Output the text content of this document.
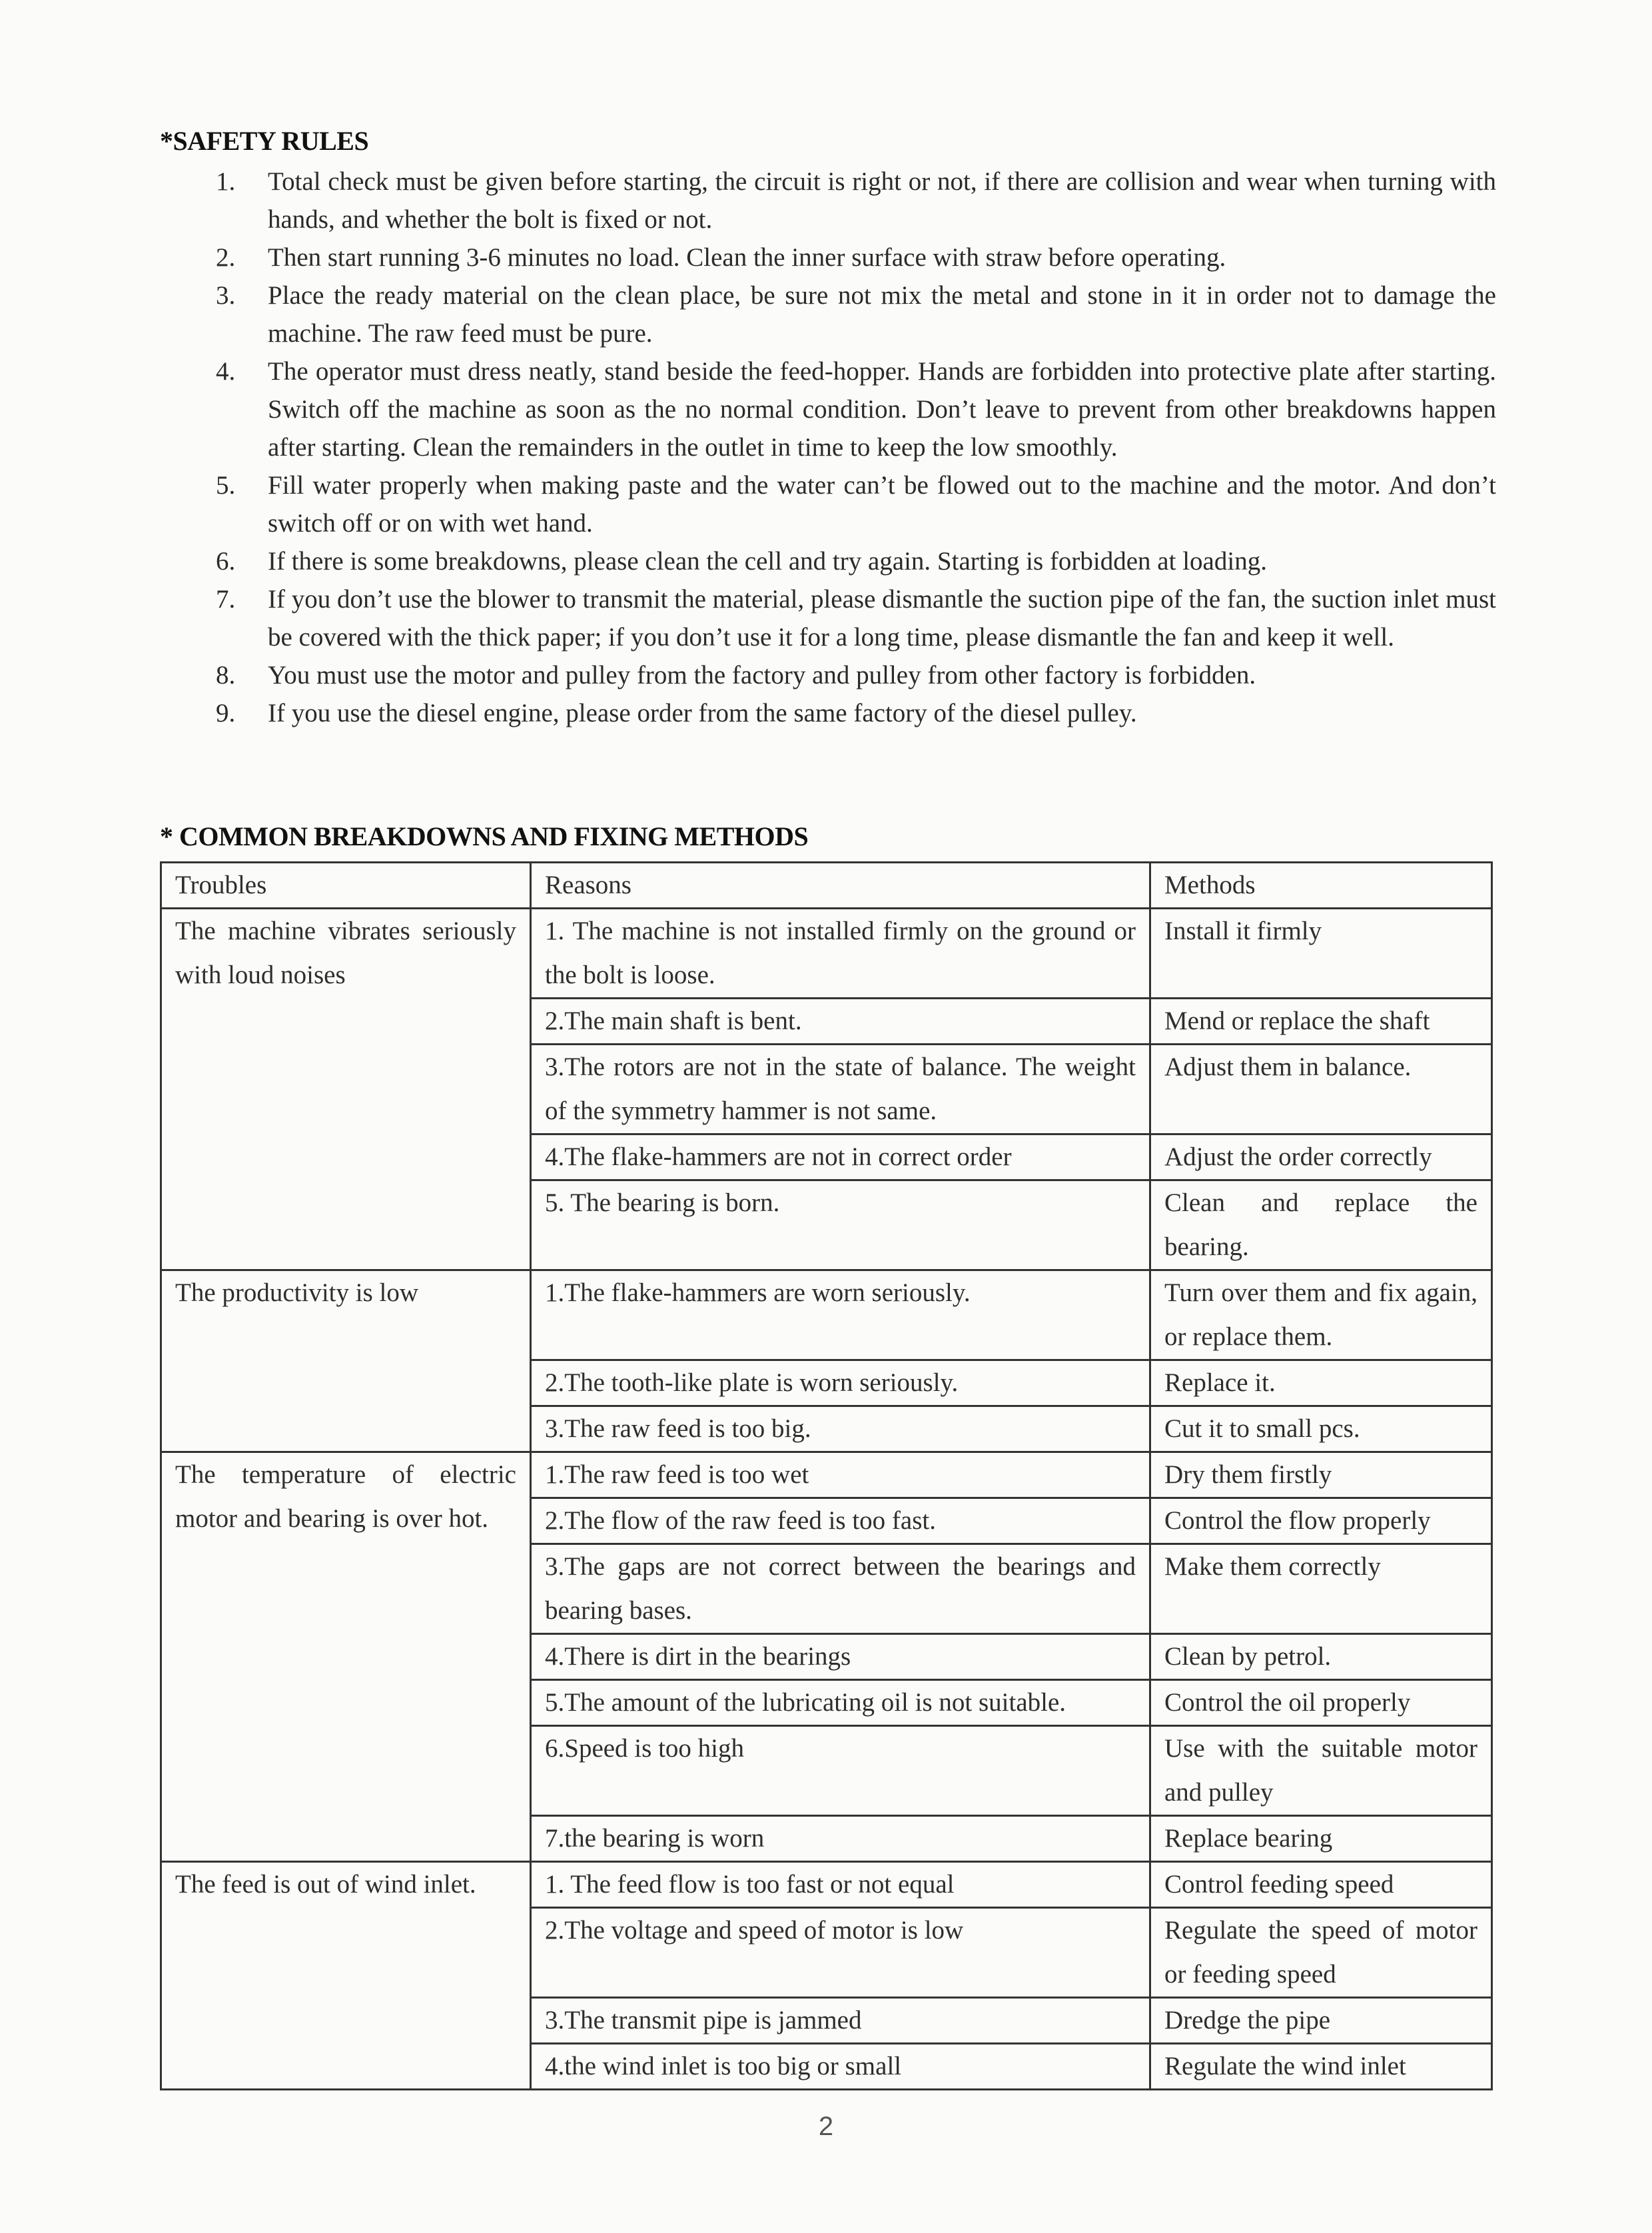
*SAFETY RULES
1. Total check must be given before starting, the circuit is right or not, if there are collision and wear when turning with hands, and whether the bolt is fixed or not.
2. Then start running 3-6 minutes no load. Clean the inner surface with straw before operating.
3. Place the ready material on the clean place, be sure not mix the metal and stone in it in order not to damage the machine. The raw feed must be pure.
4. The operator must dress neatly, stand beside the feed-hopper. Hands are forbidden into protective plate after starting. Switch off the machine as soon as the no normal condition. Don’t leave to prevent from other breakdowns happen after starting. Clean the remainders in the outlet in time to keep the low smoothly.
5. Fill water properly when making paste and the water can’t be flowed out to the machine and the motor. And don’t switch off or on with wet hand.
6. If there is some breakdowns, please clean the cell and try again. Starting is forbidden at loading.
7. If you don’t use the blower to transmit the material, please dismantle the suction pipe of the fan, the suction inlet must be covered with the thick paper; if you don’t use it for a long time, please dismantle the fan and keep it well.
8. You must use the motor and pulley from the factory and pulley from other factory is forbidden.
9. If you use the diesel engine, please order from the same factory of the diesel pulley.
* COMMON BREAKDOWNS AND FIXING METHODS
Troubles	Reasons	Methods
The machine vibrates seriously with loud noises	1. The machine is not installed firmly on the ground or the bolt is loose.	Install it firmly
	2.The main shaft is bent.	Mend or replace the shaft
	3.The rotors are not in the state of balance. The weight of the symmetry hammer is not same.	Adjust them in balance.
	4.The flake-hammers are not in correct order	Adjust the order correctly
	5. The bearing is born.	Clean and replace the bearing.
The productivity is low	1.The flake-hammers are worn seriously.	Turn over them and fix again, or replace them.
	2.The tooth-like plate is worn seriously.	Replace it.
	3.The raw feed is too big.	Cut it to small pcs.
The temperature of electric motor and bearing is over hot.	1.The raw feed is too wet	Dry them firstly
	2.The flow of the raw feed is too fast.	Control the flow properly
	3.The gaps are not correct between the bearings and bearing bases.	Make them correctly
	4.There is dirt in the bearings	Clean by petrol.
	5.The amount of the lubricating oil is not suitable.	Control the oil properly
	6.Speed is too high	Use with the suitable motor and pulley
	7.the bearing is worn	Replace bearing
The feed is out of wind inlet.	1. The feed flow is too fast or not equal	Control feeding speed
	2.The voltage and speed of motor is low	Regulate the speed of motor or feeding speed
	3.The transmit pipe is jammed	Dredge the pipe
	4.the wind inlet is too big or small	Regulate the wind inlet
2
